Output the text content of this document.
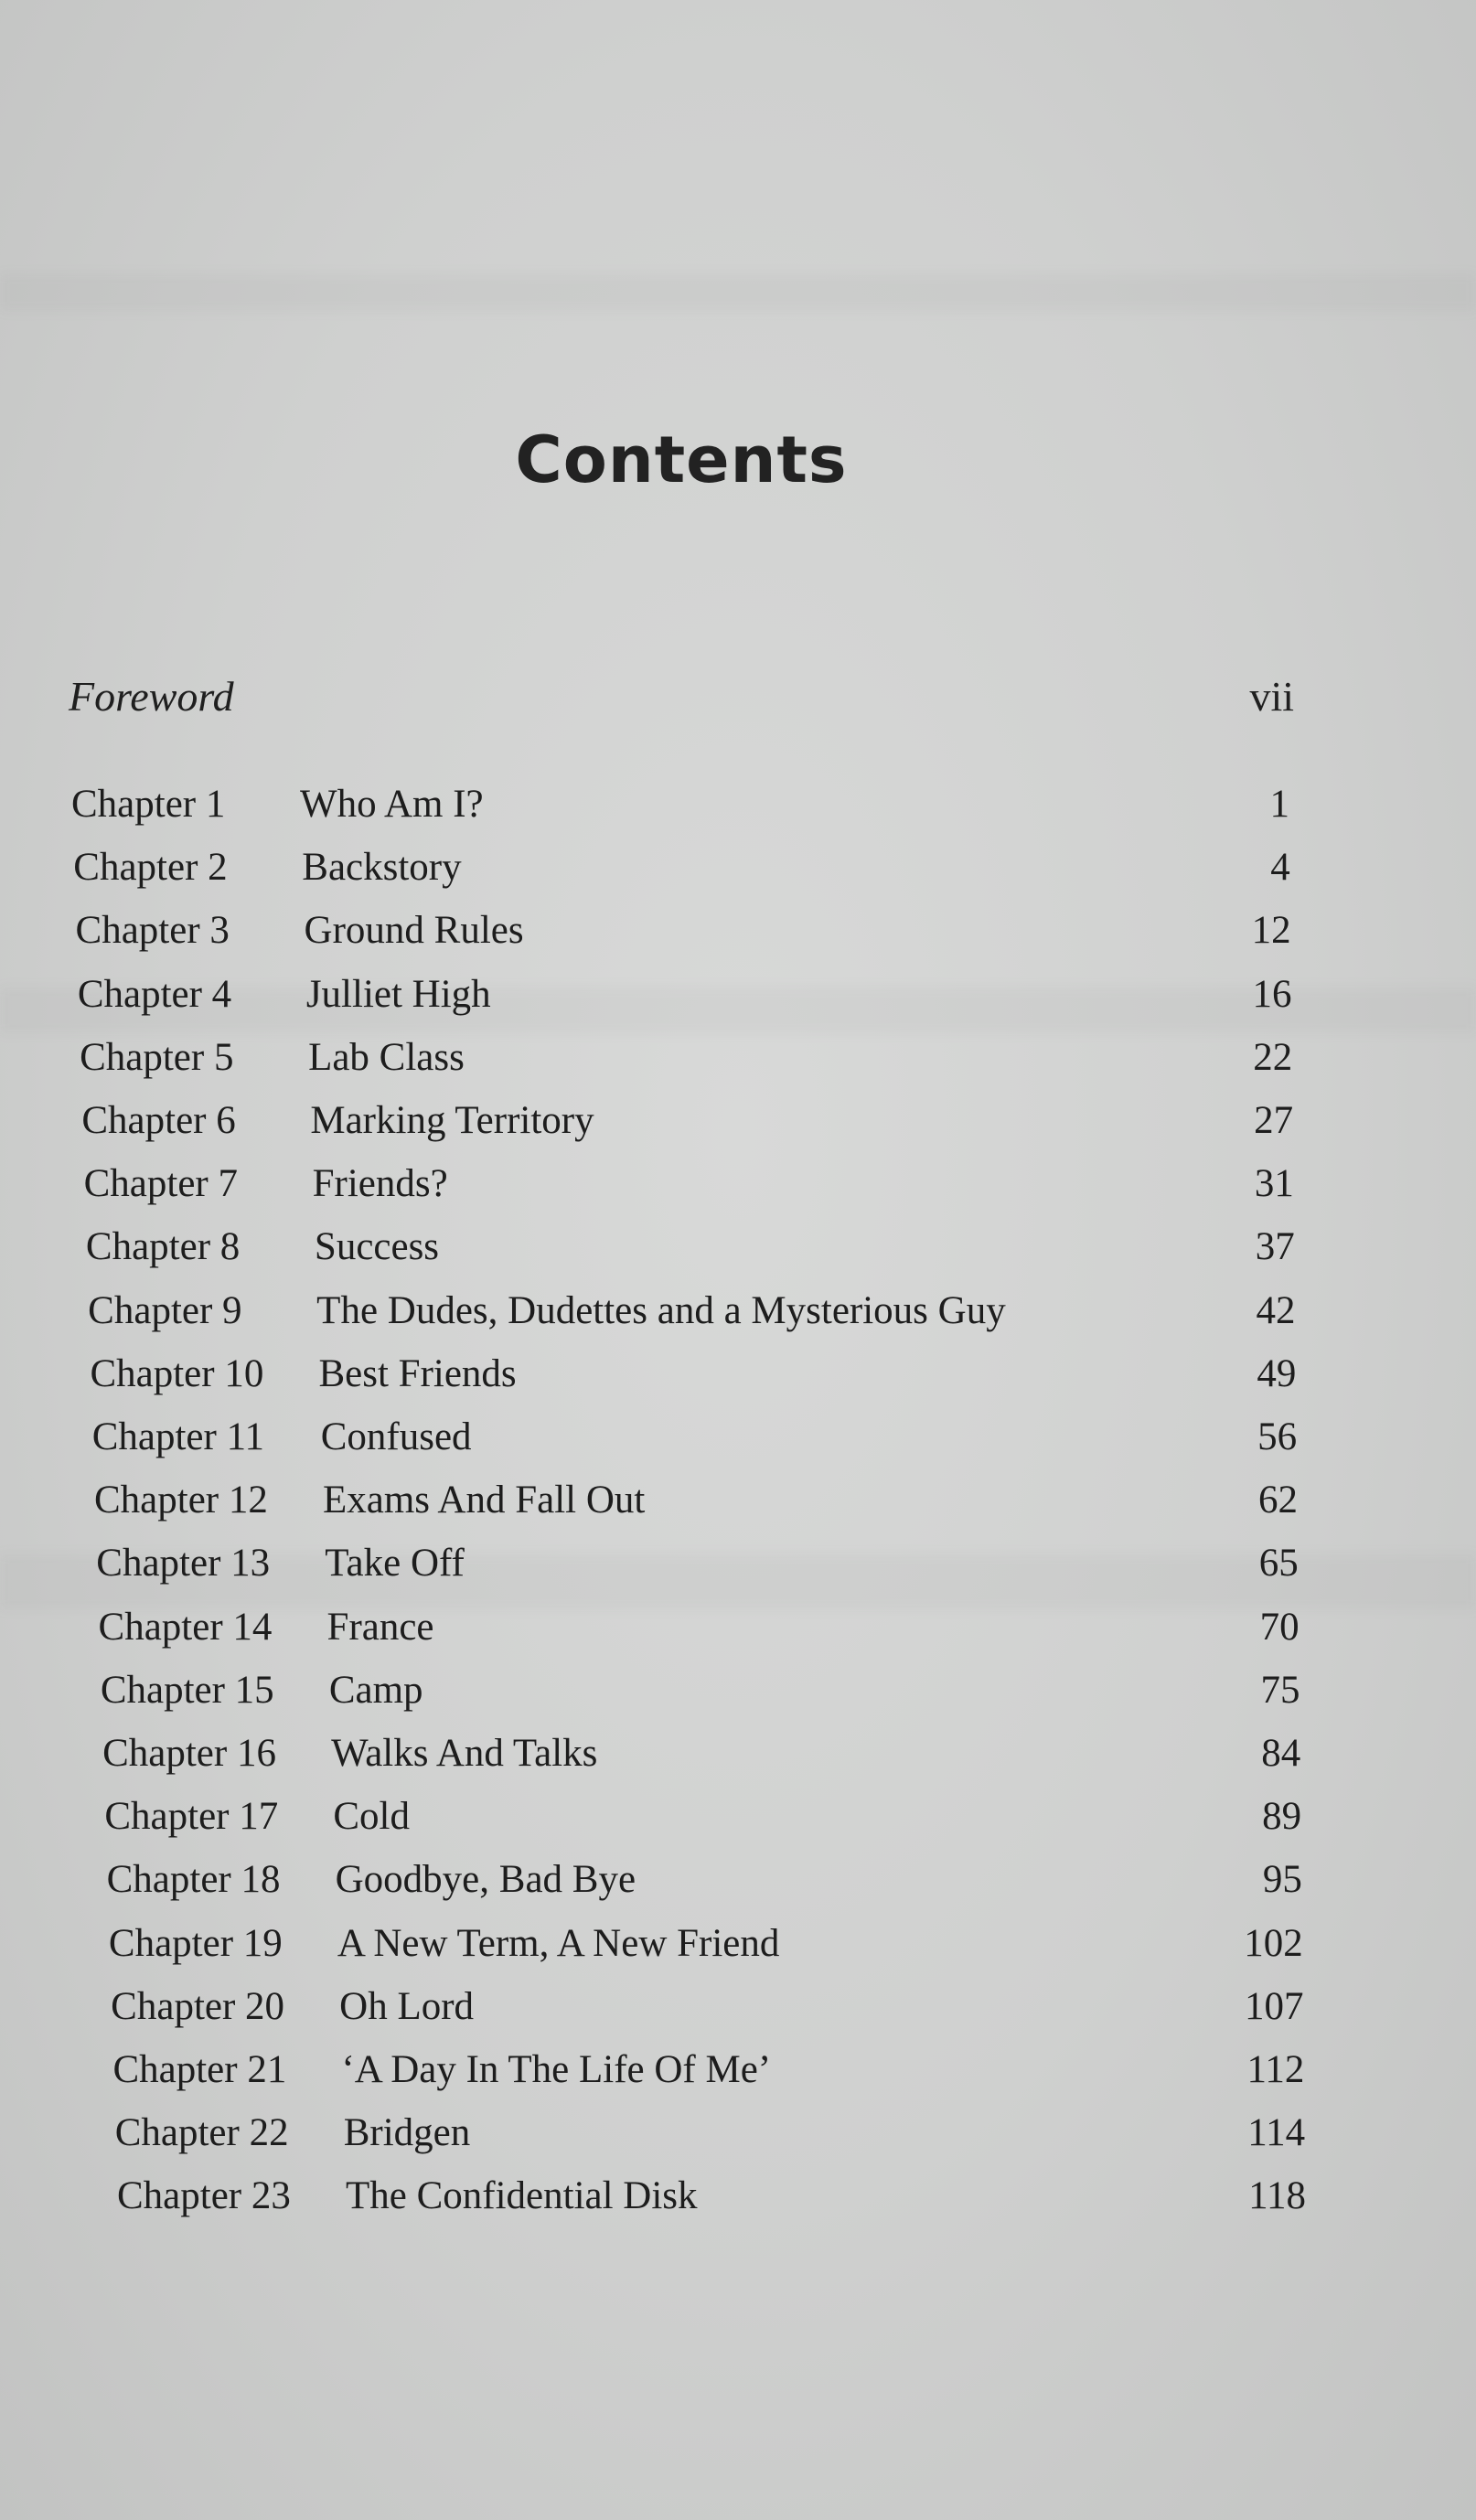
Contents
Foreword	vii
Chapter 1 Who Am I?	1
Chapter 2 Backstory	4
Chapter 3 Ground Rules	12
Chapter 4 Julliet High	16
Chapter 5 Lab Class	22
Chapter 6 Marking Territory	27
Chapter 7 Friends?	31
Chapter 8 Success	37
Chapter 9 The Dudes, Dudettes and a Mysterious Guy	42
Chapter 10 Best Friends	49
Chapter 11 Confused	56
Chapter 12 Exams And Fall Out	62
Chapter 13 Take Off	65
Chapter 14 France	70
Chapter 15 Camp	75
Chapter 16 Walks And Talks	84
Chapter 17 Cold	89
Chapter 18 Goodbye, Bad Bye	95
Chapter 19 A New Term, A New Friend	102
Chapter 20 Oh Lord	107
Chapter 21 ‘A Day In The Life Of Me’	112
Chapter 22 Bridgen	114
Chapter 23 The Confidential Disk	118
